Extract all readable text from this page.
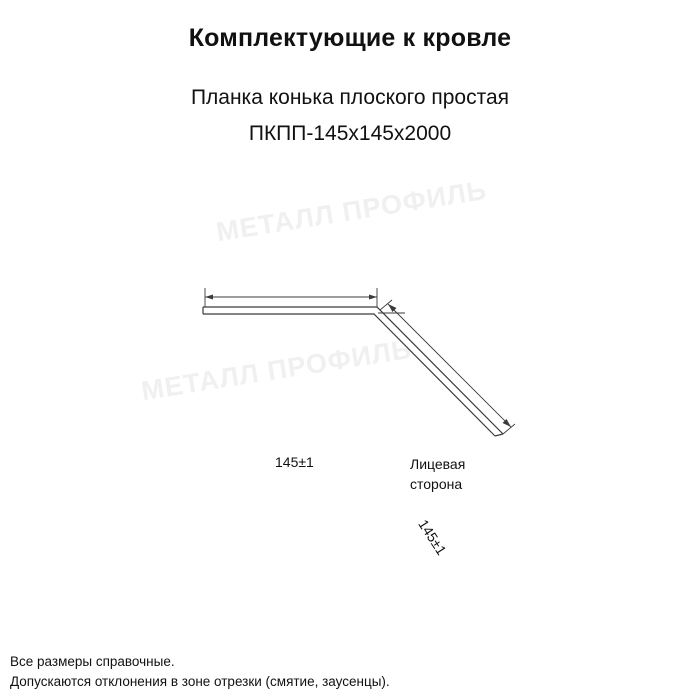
Комплектующие к кровле
Планка конька плоского простая
ПКПП-145x145x2000
МЕТАЛЛ ПРОФИЛЬ
МЕТАЛЛ ПРОФИЛЬ
145±1
145±1
Лицевая
сторона
Все размеры справочные.
Допускаются отклонения в зоне отрезки (смятие, заусенцы).
